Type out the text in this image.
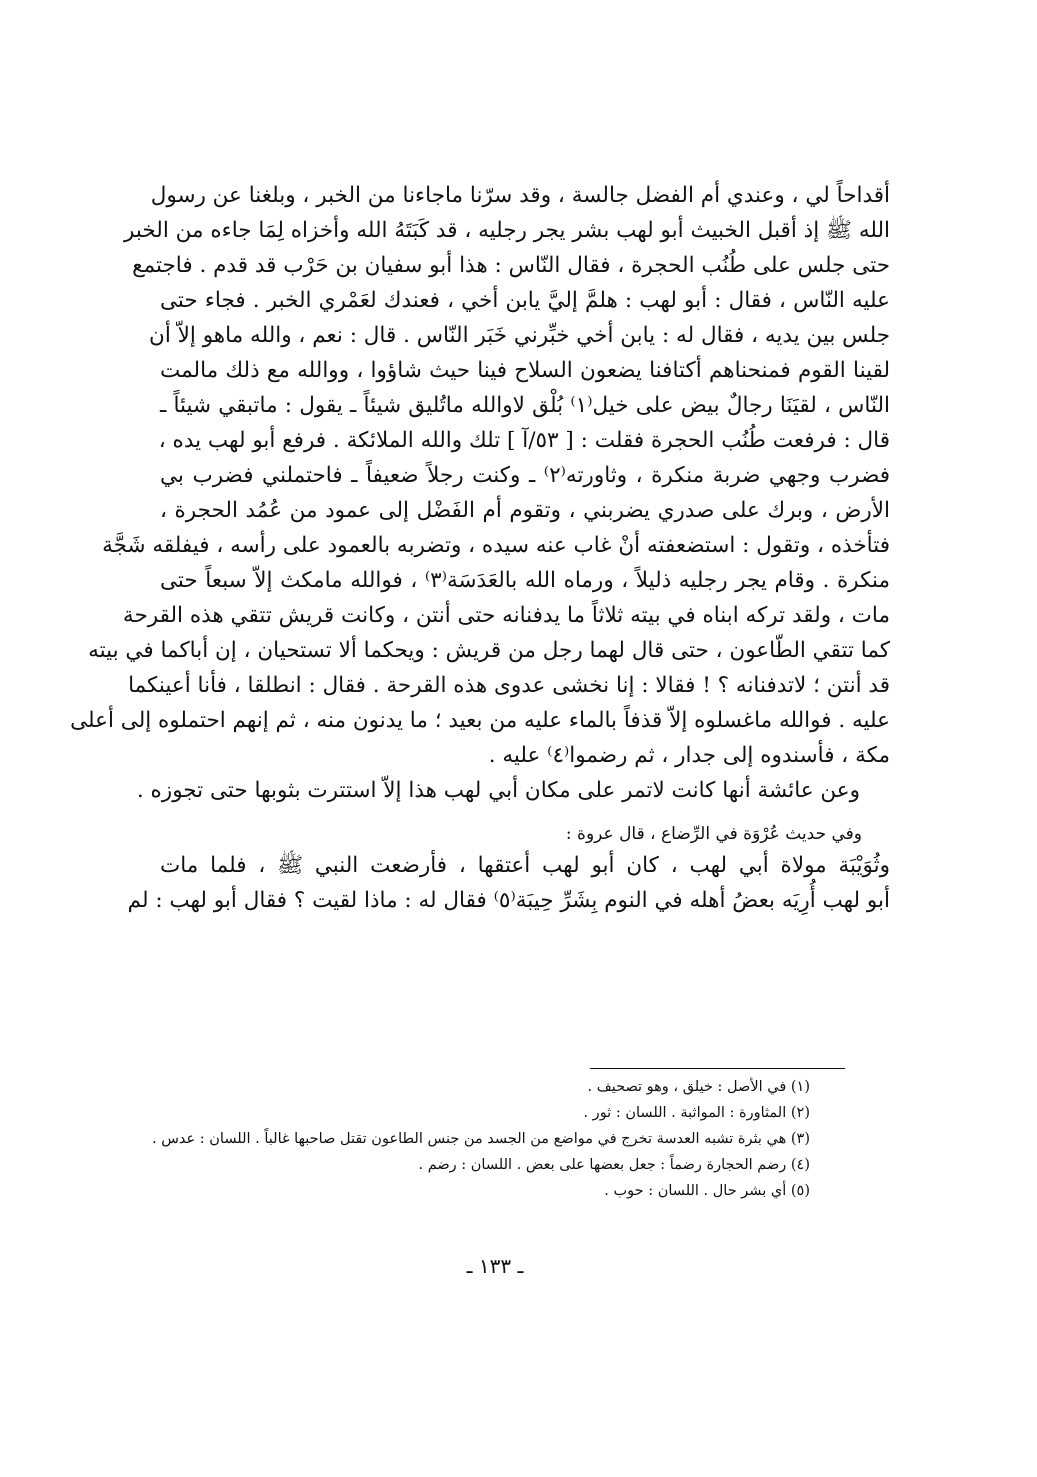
أقداحاً لي ، وعندي أم الفضل جالسة ، وقد سرّنا ماجاءنا من الخبر ، وبلغنا عن رسول
الله ﷺ إذ أقبل الخبيث أبو لهب بشر يجر رجليه ، قد كَبَتَهُ الله وأخزاه لِمَا جاءه من الخبر
حتى جلس على طُنُب الحجرة ، فقال النّاس : هذا أبو سفيان بن حَرْب قد قدم . فاجتمع
عليه النّاس ، فقال : أبو لهب : هلمَّ إليَّ يابن أخي ، فعندك لعَمْري الخبر . فجاء حتى
جلس بين يديه ، فقال له : يابن أخي خبِّرني خَبَر النّاس . قال : نعم ، والله ماهو إلاّ أن
لقينا القوم فمنحناهم أكتافنا يضعون السلاح فينا حيث شاؤوا ، ووالله مع ذلك مالمت
النّاس ، لقيَنَا رجالٌ بيض على خيل⁽١⁾ بُلْق لاوالله ماتُليق شيئاً ـ يقول : ماتبقي شيئاً ـ
قال : فرفعت طُنُب الحجرة فقلت : [ ٥٣/آ ] تلك والله الملائكة . فرفع أبو لهب يده ،
فضرب وجهي ضربة منكرة ، وثاورته⁽٢⁾ ـ وكنت رجلاً ضعيفاً ـ فاحتملني فضرب بي
الأرض ، وبرك على صدري يضربني ، وتقوم أم الفَضْل إلى عمود من عُمُد الحجرة ،
فتأخذه ، وتقول : استضعفته أنْ غاب عنه سيده ، وتضربه بالعمود على رأسه ، فيفلقه شَجَّة
منكرة . وقام يجر رجليه ذليلاً ، ورماه الله بالعَدَسَة⁽٣⁾ ، فوالله مامكث إلاّ سبعاً حتى
مات ، ولقد تركه ابناه في بيته ثلاثاً ما يدفنانه حتى أنتن ، وكانت قريش تتقي هذه القرحة
كما تتقي الطّاعون ، حتى قال لهما رجل من قريش : ويحكما ألا تستحيان ، إن أباكما في بيته
قد أنتن ؛ لاتدفنانه ؟ ! فقالا : إنا نخشى عدوى هذه القرحة . فقال : انطلقا ، فأنا أعينكما
عليه . فوالله ماغسلوه إلاّ قذفاً بالماء عليه من بعيد ؛ ما يدنون منه ، ثم إنهم احتملوه إلى أعلى
مكة ، فأسندوه إلى جدار ، ثم رضموا⁽٤⁾ عليه .
وعن عائشة أنها كانت لاتمر على مكان أبي لهب هذا إلاّ استترت بثوبها حتى تجوزه .
وفي حديث عُرْوَة في الرِّضاع ، قال عروة :
وثُوَيْبَة مولاة أبي لهب ، كان أبو لهب أعتقها ، فأرضعت النبي ﷺ ، فلما مات
أبو لهب أُرِيَه بعضُ أهله في النوم بِشَرِّ حِيبَة⁽٥⁾ فقال له : ماذا لقيت ؟ فقال أبو لهب : لم
(١) في الأصل : خيلق ، وهو تصحيف .
(٢) المثاورة : المواثبة . اللسان : ثور .
(٣) هي بثرة تشبه العدسة تخرج في مواضع من الجسد من جنس الطاعون تقتل صاحبها غالباً . اللسان : عدس .
(٤) رضم الحجارة رضماً : جعل بعضها على بعض . اللسان : رضم .
(٥) أي بشر حال . اللسان : حوب .
ـ ١٣٣ ـ
